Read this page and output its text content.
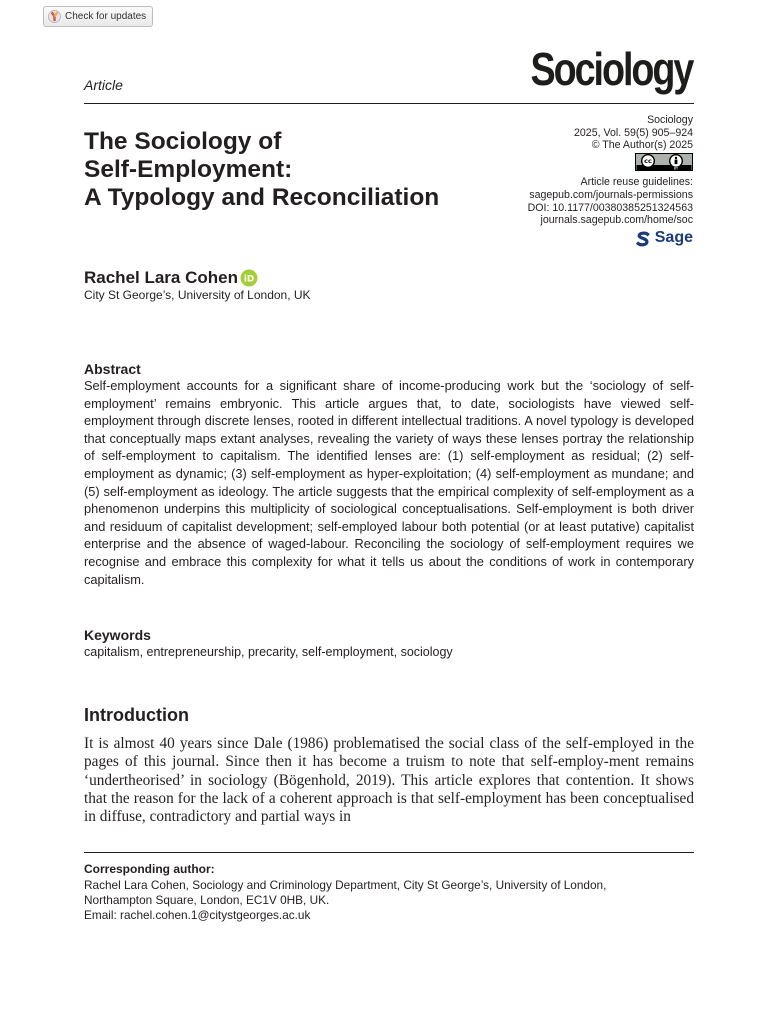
Check for updates
Article	Sociology
The Sociology of
Self-Employment:
A Typology and Reconciliation
Sociology
2025, Vol. 59(5) 905–924
© The Author(s) 2025
cc
BY
Article reuse guidelines:
sagepub.com/journals-permissions
DOI: 10.1177/00380385251324563
journals.sagepub.com/home/soc
Sage
Rachel Lara Cohen iD
City St George’s, University of London, UK
Abstract

Self-employment accounts for a significant share of income-producing work but the ‘sociology of self-employment’ remains embryonic. This article argues that, to date, sociologists have viewed self-employment through discrete lenses, rooted in different intellectual traditions. A novel typology is developed that conceptually maps extant analyses, revealing the variety of ways these lenses portray the relationship of self-employment to capitalism. The identified lenses are: (1) self-employment as residual; (2) self-employment as dynamic; (3) self-employment as hyper-exploitation; (4) self-employment as mundane; and (5) self-employment as ideology. The article suggests that the empirical complexity of self-employment as a phenomenon underpins this multiplicity of sociological conceptualisations. Self-employment is both driver and residuum of capitalist development; self-employed labour both potential (or at least putative) capitalist enterprise and the absence of waged-labour. Reconciling the sociology of self-employment requires we recognise and embrace this complexity for what it tells us about the conditions of work in contemporary capitalism.

Keywords
capitalism, entrepreneurship, precarity, self-employment, sociology
Introduction

It is almost 40 years since Dale (1986) problematised the social class of the self-employed in the pages of this journal. Since then it has become a truism to note that self-employ-ment remains ‘undertheorised’ in sociology (Bögenhold, 2019). This article explores that contention. It shows that the reason for the lack of a coherent approach is that self-employment has been conceptualised in diffuse, contradictory and partial ways in

Corresponding author:
Rachel Lara Cohen, Sociology and Criminology Department, City St George’s, University of London,
Northampton Square, London, EC1V 0HB, UK.
Email: rachel.cohen.1@citystgeorges.ac.uk
